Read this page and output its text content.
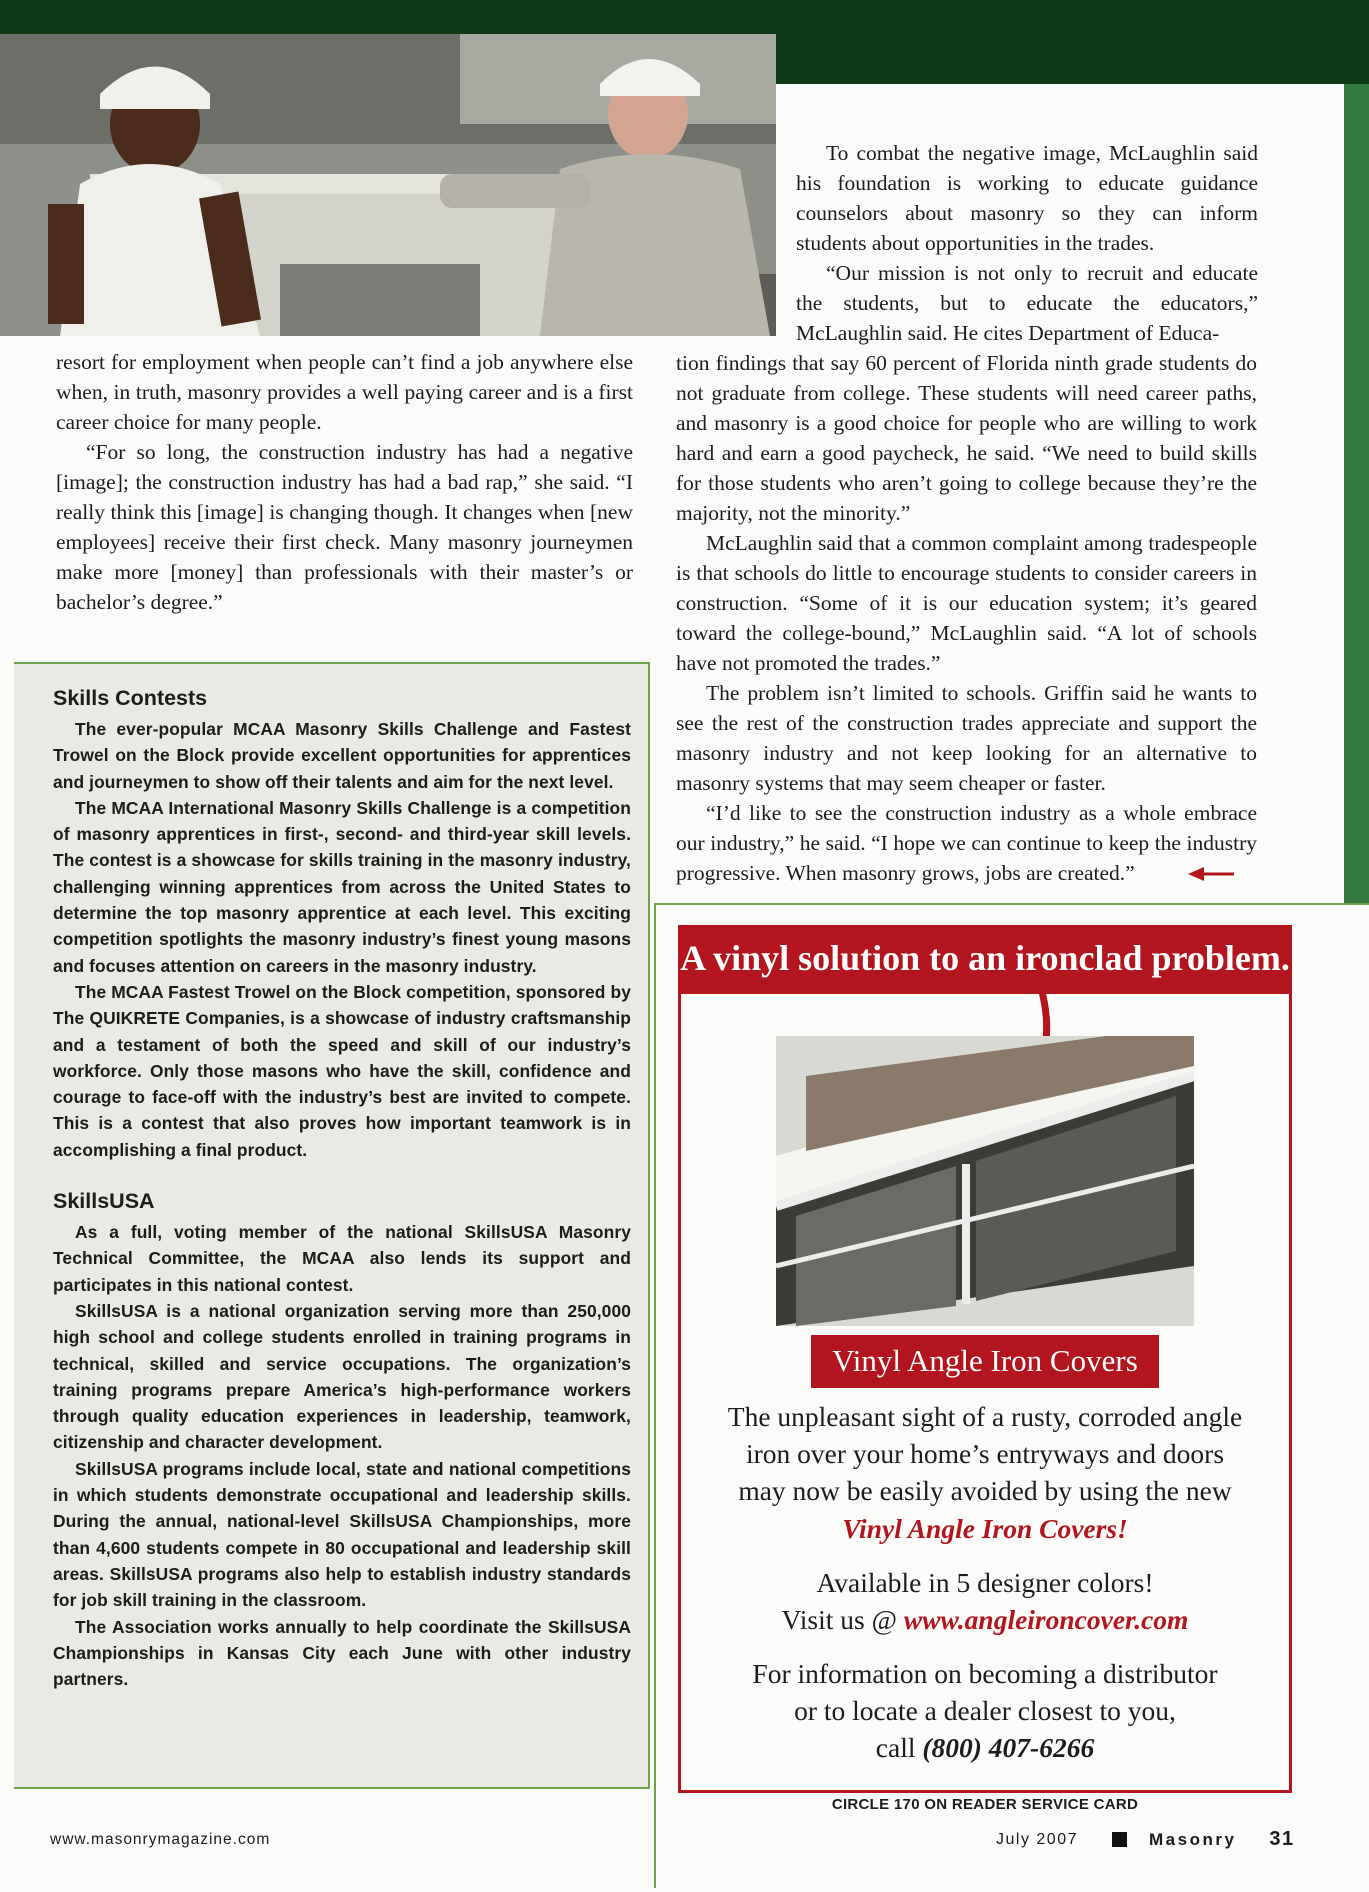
resort for employment when people can’t find a job anywhere else when, in truth, masonry provides a well paying career and is a first career choice for many people.

“For so long, the construction industry has had a negative [image]; the construction industry has had a bad rap,” she said. “I really think this [image] is changing though. It changes when [new employees] receive their first check. Many masonry journeymen make more [money] than professionals with their master’s or bachelor’s degree.”

To combat the negative image, McLaughlin said his foundation is working to educate guidance counselors about masonry so they can inform students about opportunities in the trades.

“Our mission is not only to recruit and educate the students, but to educate the educators,” McLaughlin said. He cites Department of Educa-

tion findings that say 60 percent of Florida ninth grade students do not graduate from college. These students will need career paths, and masonry is a good choice for people who are willing to work hard and earn a good paycheck, he said. “We need to build skills for those students who aren’t going to college because they’re the majority, not the minority.”

McLaughlin said that a common complaint among tradespeople is that schools do little to encourage students to consider careers in construction. “Some of it is our education system; it’s geared toward the college-bound,” McLaughlin said. “A lot of schools have not promoted the trades.”

The problem isn’t limited to schools. Griffin said he wants to see the rest of the construction trades appreciate and support the masonry industry and not keep looking for an alternative to masonry systems that may seem cheaper or faster.

“I’d like to see the construction industry as a whole embrace our industry,” he said. “I hope we can continue to keep the industry progressive. When masonry grows, jobs are created.”

Skills Contests

The ever-popular MCAA Masonry Skills Challenge and Fastest Trowel on the Block provide excellent opportunities for apprentices and journeymen to show off their talents and aim for the next level.

The MCAA International Masonry Skills Challenge is a competition of masonry apprentices in first-, second- and third-year skill levels. The contest is a showcase for skills training in the masonry industry, challenging winning apprentices from across the United States to determine the top masonry apprentice at each level. This exciting competition spotlights the masonry industry’s finest young masons and focuses attention on careers in the masonry industry.

The MCAA Fastest Trowel on the Block competition, sponsored by The QUIKRETE Companies, is a showcase of industry craftsmanship and a testament of both the speed and skill of our industry’s workforce. Only those masons who have the skill, confidence and courage to face-off with the industry’s best are invited to compete. This is a contest that also proves how important teamwork is in accomplishing a final product.

SkillsUSA

As a full, voting member of the national SkillsUSA Masonry Technical Committee, the MCAA also lends its support and participates in this national contest.

SkillsUSA is a national organization serving more than 250,000 high school and college students enrolled in training programs in technical, skilled and service occupations. The organization’s training programs prepare America’s high-performance workers through quality education experiences in leadership, teamwork, citizenship and character development.

SkillsUSA programs include local, state and national competitions in which students demonstrate occupational and leadership skills. During the annual, national-level SkillsUSA Championships, more than 4,600 students compete in 80 occupational and leadership skill areas. SkillsUSA programs also help to establish industry standards for job skill training in the classroom.

The Association works annually to help coordinate the SkillsUSA Championships in Kansas City each June with other industry partners.

A vinyl solution to an ironclad problem.
Vinyl Angle Iron Covers
The unpleasant sight of a rusty, corroded angle
iron over your home’s entryways and doors
may now be easily avoided by using the new
Vinyl Angle Iron Covers!
Available in 5 designer colors!
Visit us @ www.angleironcover.com
For information on becoming a distributor
or to locate a dealer closest to you,
call (800) 407-6266
CIRCLE 170 ON READER SERVICE CARD
www.masonrymagazine.com	July 2007	Masonry 31
